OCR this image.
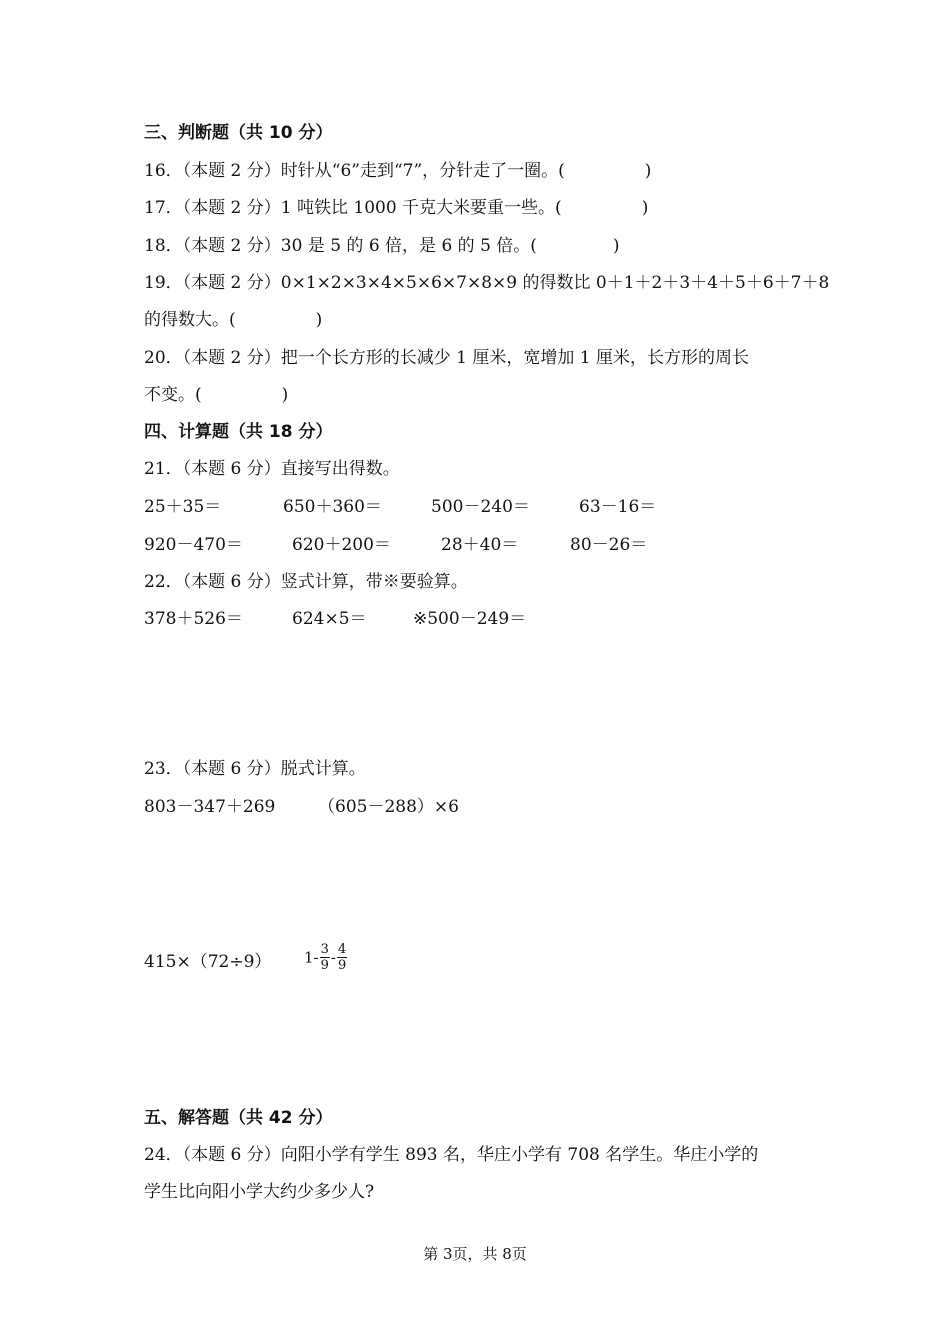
三、判断题（共 10 分）
16．（本题 2 分）时针从“6”走到“7”，分针走了一圈。(	)
17．（本题 2 分）1 吨铁比 1000 千克大米要重一些。(	)
18．（本题 2 分）30 是 5 的 6 倍，是 6 的 5 倍。(	)
19．（本题 2 分）0×1×2×3×4×5×6×7×8×9 的得数比 0＋1＋2＋3＋4＋5＋6＋7＋8
的得数大。(	)
20．（本题 2 分）把一个长方形的长减少 1 厘米，宽增加 1 厘米，长方形的周长
不变。(	)
四、计算题（共 18 分）
21．（本题 6 分）直接写出得数。
25＋35＝	650＋360＝	500－240＝	63－16＝
920－470＝	620＋200＝	28＋40＝	80－26＝
22．（本题 6 分）竖式计算，带※要验算。
378＋526＝	624×5＝	※500－249＝
23．（本题 6 分）脱式计算。
803－347＋269	（605－288）×6
415×（72÷9） $1- \frac{3}{9} - \frac{4}{9}$
五、解答题（共 42 分）
24．（本题 6 分）向阳小学有学生 893 名，华庄小学有 708 名学生。华庄小学的
学生比向阳小学大约少多少人?
第 3页，共 8页
